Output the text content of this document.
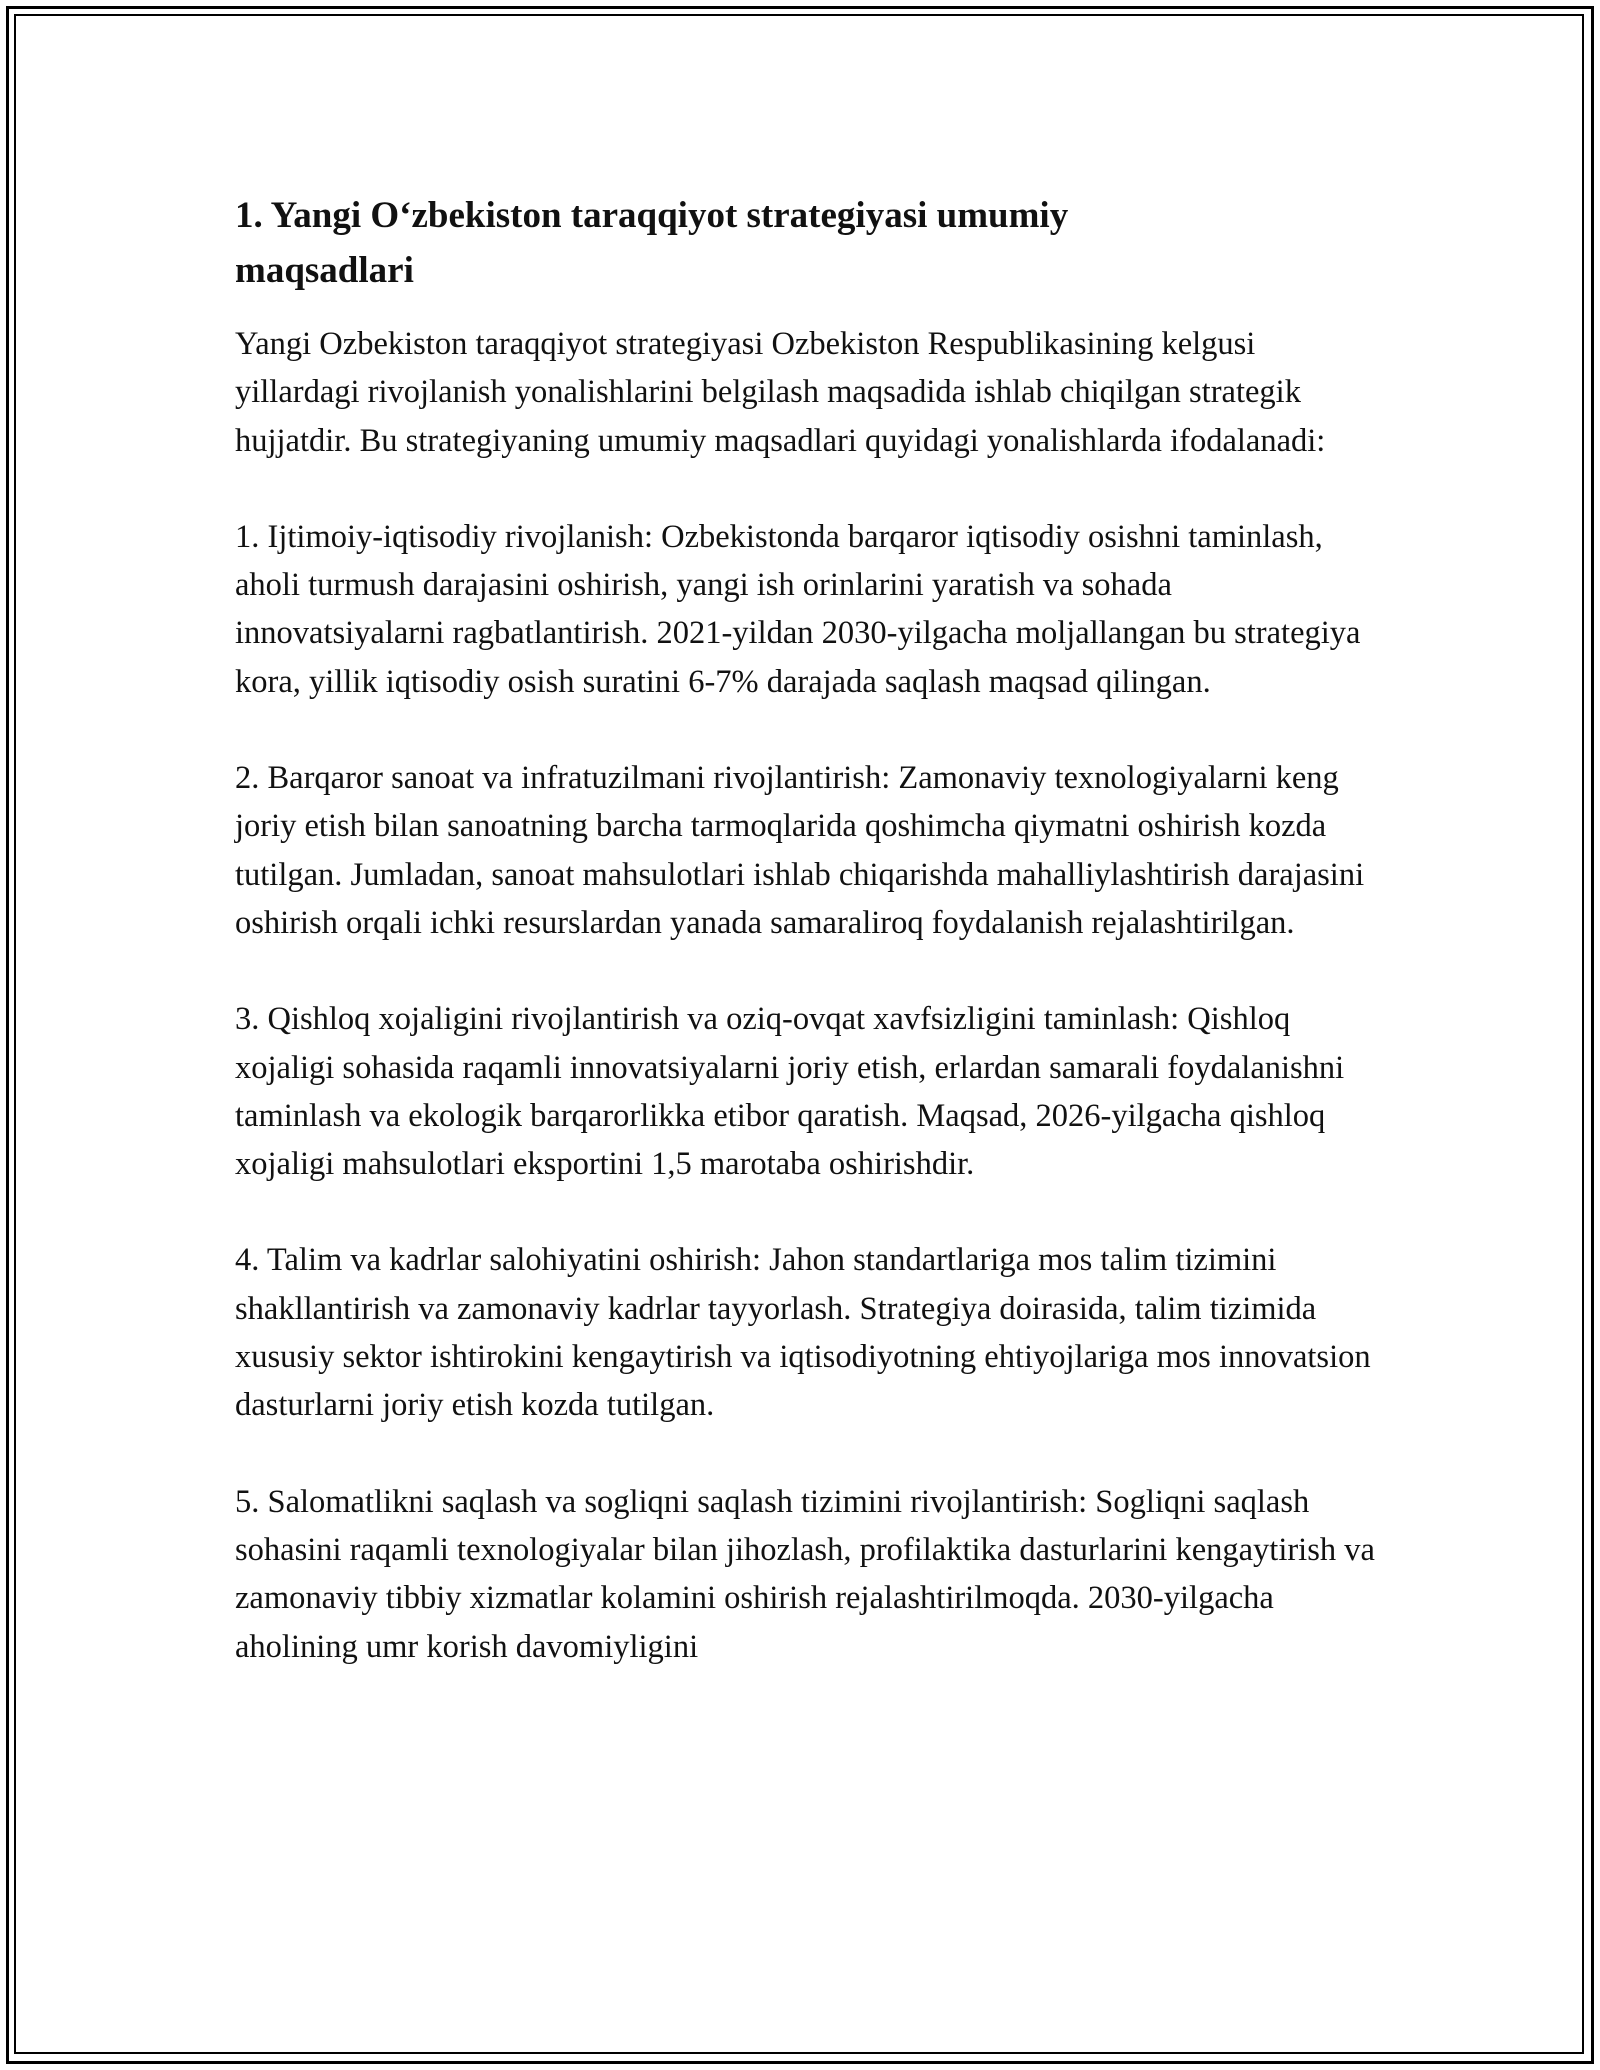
1. Yangi O‘zbekiston taraqqiyot strategiyasi umumiy maqsadlari

Yangi Ozbekiston taraqqiyot strategiyasi Ozbekiston Respublikasining kelgusi yillardagi rivojlanish yonalishlarini belgilash maqsadida ishlab chiqilgan strategik hujjatdir. Bu strategiyaning umumiy maqsadlari quyidagi yonalishlarda ifodalanadi:

1. Ijtimoiy-iqtisodiy rivojlanish: Ozbekistonda barqaror iqtisodiy osishni taminlash, aholi turmush darajasini oshirish, yangi ish orinlarini yaratish va sohada innovatsiyalarni ragbatlantirish. 2021-yildan 2030-yilgacha moljallangan bu strategiya kora, yillik iqtisodiy osish suratini 6-7% darajada saqlash maqsad qilingan.

2. Barqaror sanoat va infratuzilmani rivojlantirish: Zamonaviy texnologiyalarni keng joriy etish bilan sanoatning barcha tarmoqlarida qoshimcha qiymatni oshirish kozda tutilgan. Jumladan, sanoat mahsulotlari ishlab chiqarishda mahalliylashtirish darajasini oshirish orqali ichki resurslardan yanada samaraliroq foydalanish rejalashtirilgan.

3. Qishloq xojaligini rivojlantirish va oziq-ovqat xavfsizligini taminlash: Qishloq xojaligi sohasida raqamli innovatsiyalarni joriy etish, erlardan samarali foydalanishni taminlash va ekologik barqarorlikka etibor qaratish. Maqsad, 2026-yilgacha qishloq xojaligi mahsulotlari eksportini 1,5 marotaba oshirishdir.

4. Talim va kadrlar salohiyatini oshirish: Jahon standartlariga mos talim tizimini shakllantirish va zamonaviy kadrlar tayyorlash. Strategiya doirasida, talim tizimida xususiy sektor ishtirokini kengaytirish va iqtisodiyotning ehtiyojlariga mos innovatsion dasturlarni joriy etish kozda tutilgan.

5. Salomatlikni saqlash va sogliqni saqlash tizimini rivojlantirish: Sogliqni saqlash sohasini raqamli texnologiyalar bilan jihozlash, profilaktika dasturlarini kengaytirish va zamonaviy tibbiy xizmatlar kolamini oshirish rejalashtirilmoqda. 2030-yilgacha aholining umr korish davomiyligini
